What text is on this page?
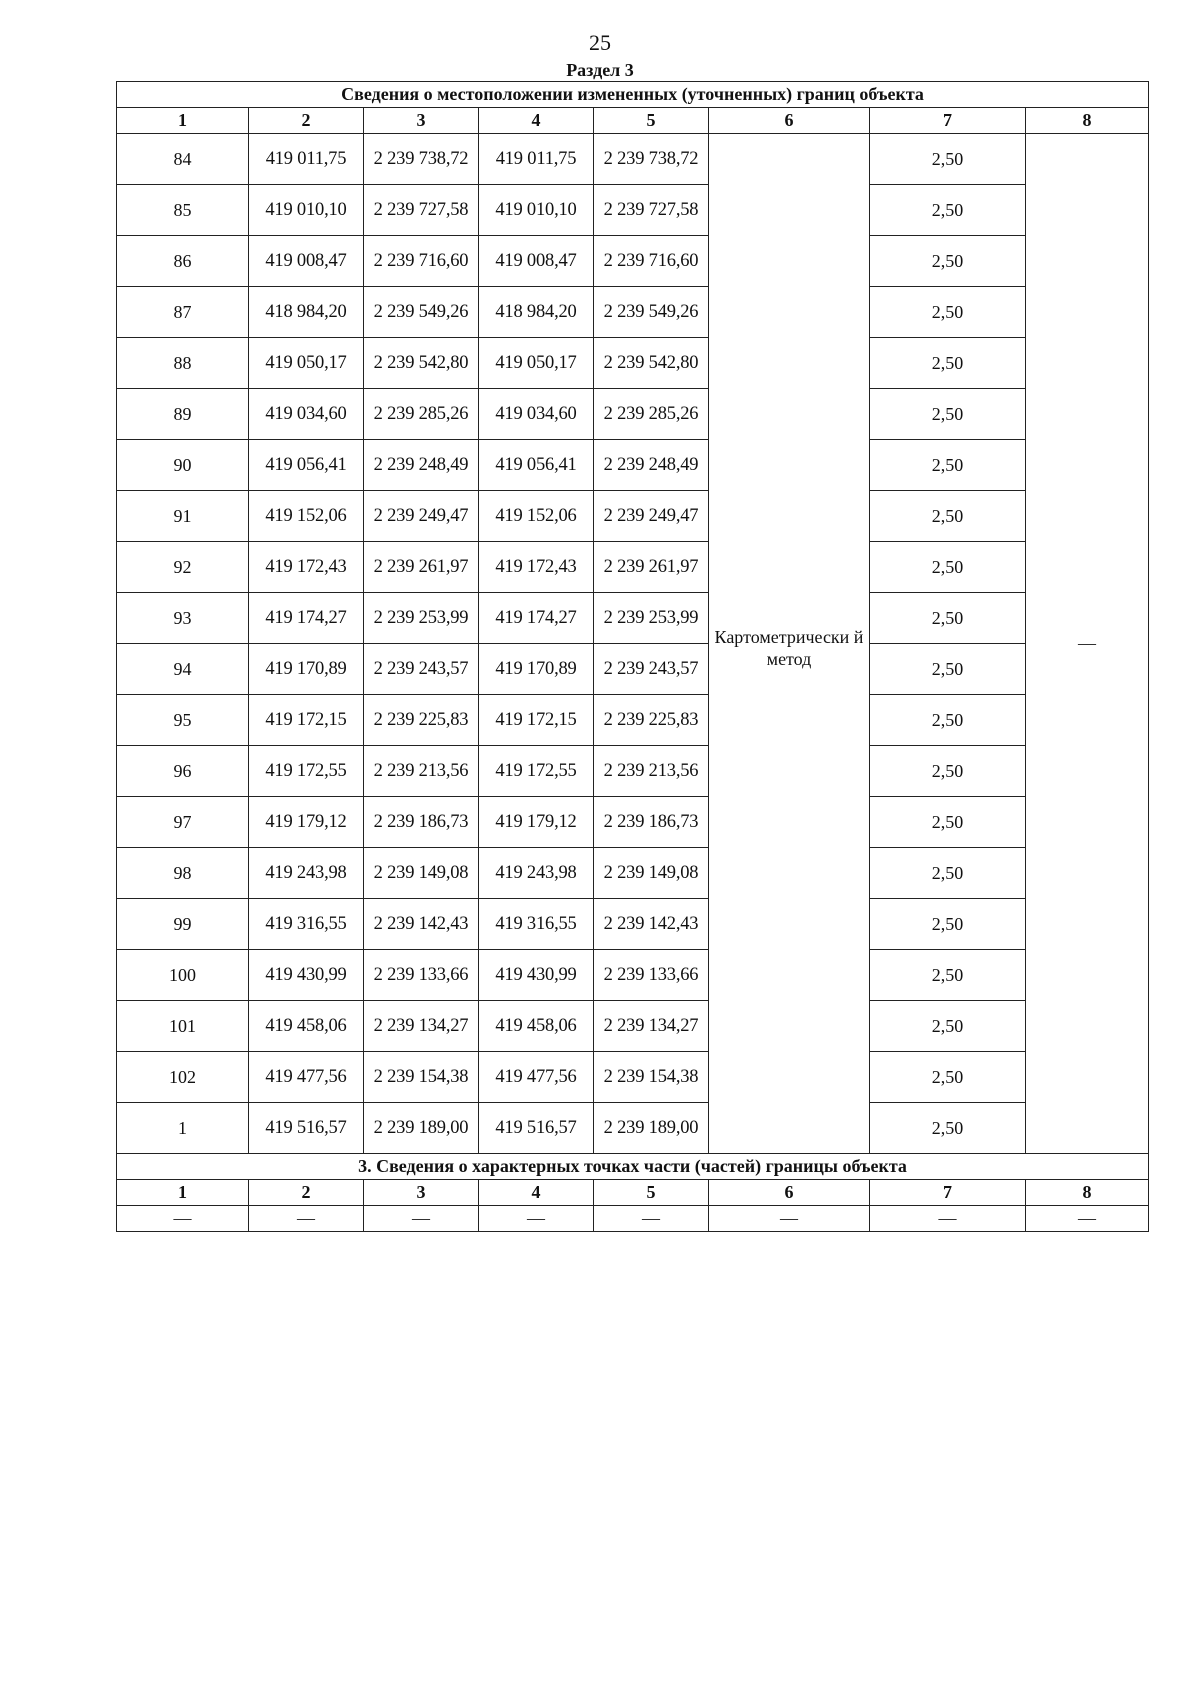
25
Раздел 3
Сведения о местоположении измененных (уточненных) границ объекта							
1	2	3	4	5	6	7	8
84	419 011,75	2 239 738,72	419 011,75	2 239 738,72	Картометрически й метод	2,50	—
85	419 010,10	2 239 727,58	419 010,10	2 239 727,58		2,50	
86	419 008,47	2 239 716,60	419 008,47	2 239 716,60		2,50	
87	418 984,20	2 239 549,26	418 984,20	2 239 549,26		2,50	
88	419 050,17	2 239 542,80	419 050,17	2 239 542,80		2,50	
89	419 034,60	2 239 285,26	419 034,60	2 239 285,26		2,50	
90	419 056,41	2 239 248,49	419 056,41	2 239 248,49		2,50	
91	419 152,06	2 239 249,47	419 152,06	2 239 249,47		2,50	
92	419 172,43	2 239 261,97	419 172,43	2 239 261,97		2,50	
93	419 174,27	2 239 253,99	419 174,27	2 239 253,99		2,50	
94	419 170,89	2 239 243,57	419 170,89	2 239 243,57		2,50	
95	419 172,15	2 239 225,83	419 172,15	2 239 225,83		2,50	
96	419 172,55	2 239 213,56	419 172,55	2 239 213,56		2,50	
97	419 179,12	2 239 186,73	419 179,12	2 239 186,73		2,50	
98	419 243,98	2 239 149,08	419 243,98	2 239 149,08		2,50	
99	419 316,55	2 239 142,43	419 316,55	2 239 142,43		2,50	
100	419 430,99	2 239 133,66	419 430,99	2 239 133,66		2,50	
101	419 458,06	2 239 134,27	419 458,06	2 239 134,27		2,50	
102	419 477,56	2 239 154,38	419 477,56	2 239 154,38		2,50	
1	419 516,57	2 239 189,00	419 516,57	2 239 189,00		2,50	
3. Сведения о характерных точках части (частей) границы объекта							
1	2	3	4	5	6	7	8
—	—	—	—	—	—	—	—
